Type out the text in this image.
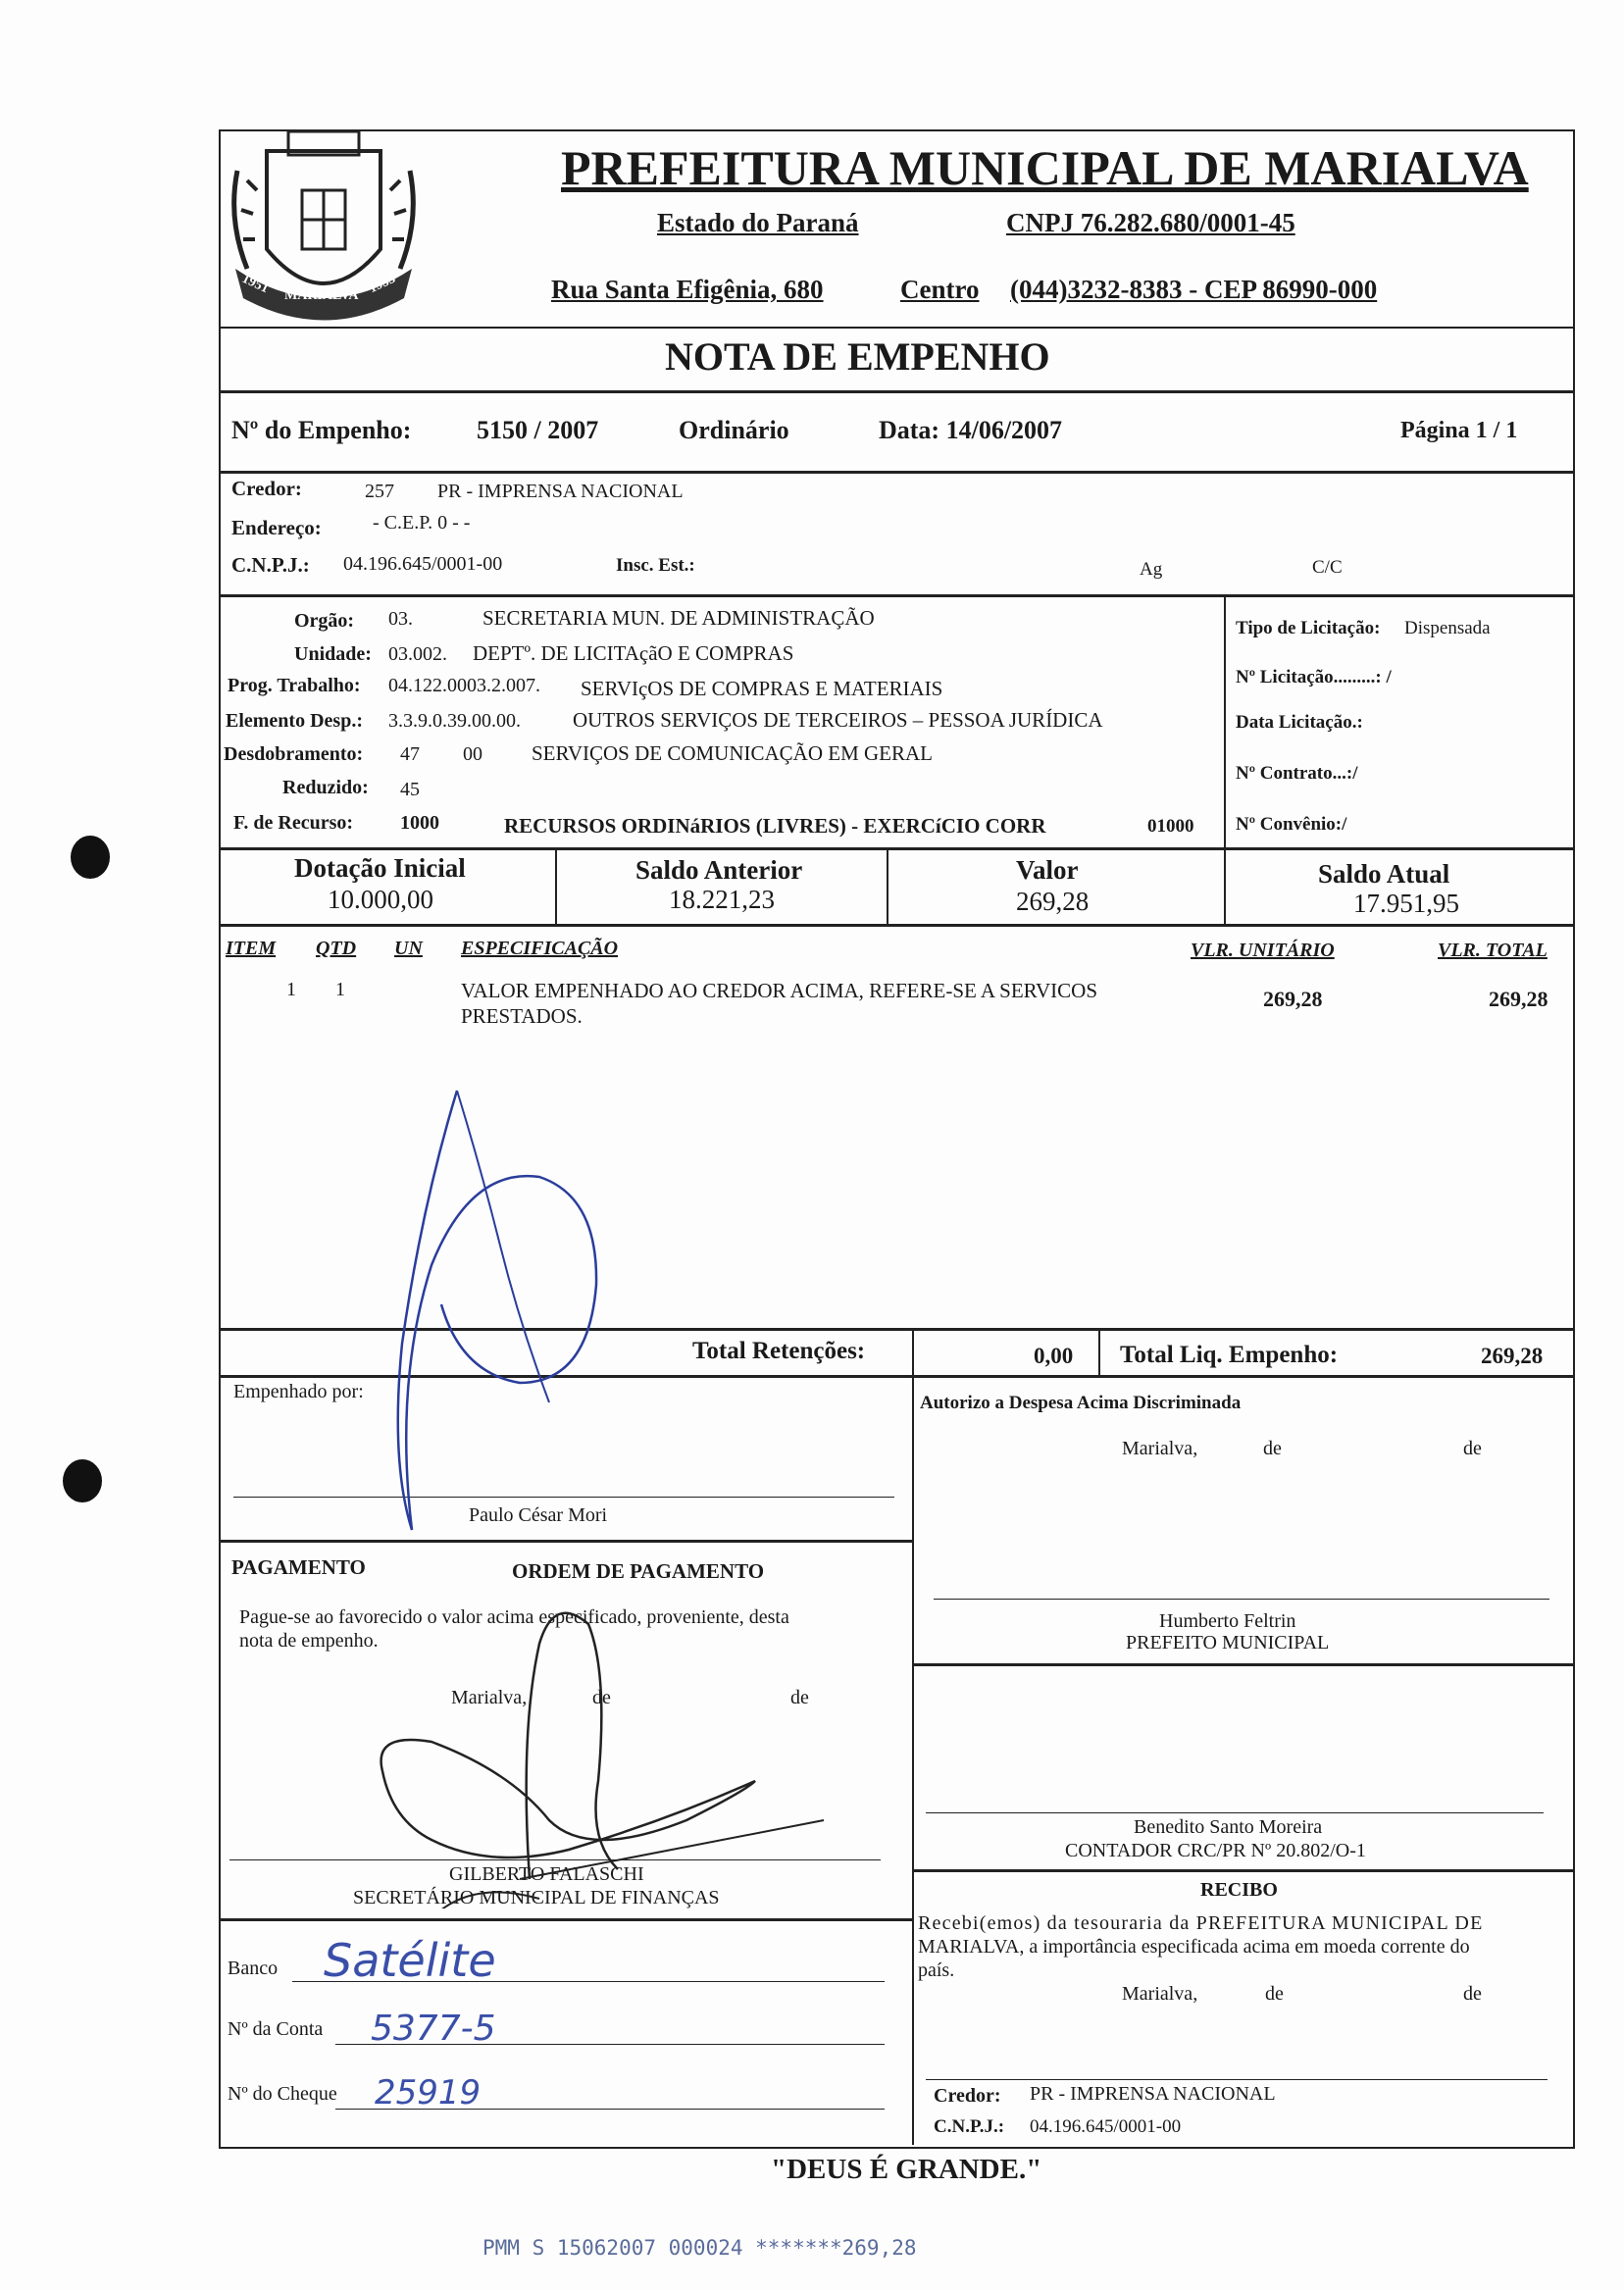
1951 MARIALVA 1953
PREFEITURA MUNICIPAL DE MARIALVA
Estado do Paraná	CNPJ 76.282.680/0001-45
Rua Santa Efigênia, 680	Centro (044)3232-8383 - CEP 86990-000
NOTA DE EMPENHO
Nº do Empenho:	5150 / 2007	Ordinário	Data: 14/06/2007	Página 1 / 1
Credor:	257 PR - IMPRENSA NACIONAL
Endereço:	- C.E.P. 0 - -
C.N.P.J.: 04.196.645/0001-00	Insc. Est.:	Ag	C/C
Orgão: 03.	SECRETARIA MUN. DE ADMINISTRAÇÃO
Unidade: 03.002. DEPTº. DE LICITAçãO E COMPRAS
Prog. Trabalho: 04.122.0003.2.007. SERVIçOS DE COMPRAS E MATERIAIS
Elemento Desp.: 3.3.9.0.39.00.00.	OUTROS SERVIÇOS DE TERCEIROS – PESSOA JURÍDICA
Desdobramento: 47 00 SERVIÇOS DE COMUNICAÇÃO EM GERAL
Reduzido: 45
F. de Recurso: 1000	RECURSOS ORDINáRIOS (LIVRES) - EXERCíCIO CORR	01000
Tipo de Licitação: Dispensada
Nº Licitação.........: /
Data Licitação.:
Nº Contrato...:/
Nº Convênio:/
Dotação Inicial
10.000,00
Saldo Anterior
18.221,23
Valor
269,28
Saldo Atual
17.951,95
ITEM QTD UN ESPECIFICAÇÃO	VLR. UNITÁRIO	VLR. TOTAL
1 1	VALOR EMPENHADO AO CREDOR ACIMA, REFERE-SE A SERVICOS
PRESTADOS.
269,28	269,28
Total Retenções:	0,00 Total Liq. Empenho:	269,28
Empenhado por:
Paulo César Mori
Autorizo a Despesa Acima Discriminada
Marialva,	de	de
Humberto Feltrin
PREFEITO MUNICIPAL
Benedito Santo Moreira
CONTADOR CRC/PR Nº 20.802/O-1
RECIBO
Recebi(emos) da tesouraria da PREFEITURA MUNICIPAL DE
MARIALVA, a importância especificada acima em moeda corrente do
país.
Marialva,	de	de
Credor: PR - IMPRENSA NACIONAL
C.N.P.J.: 04.196.645/0001-00
PAGAMENTO	ORDEM DE PAGAMENTO
Pague-se ao favorecido o valor acima especificado, proveniente, desta
nota de empenho.
Marialva,	de	de
GILBERTO FALASCHI
SECRETÁRIO MUNICIPAL DE FINANÇAS
Banco Satélite
Nº da Conta 5377-5
Nº do Cheque 25919
"DEUS É GRANDE."
PMM S 15062007 000024 *******269,28
